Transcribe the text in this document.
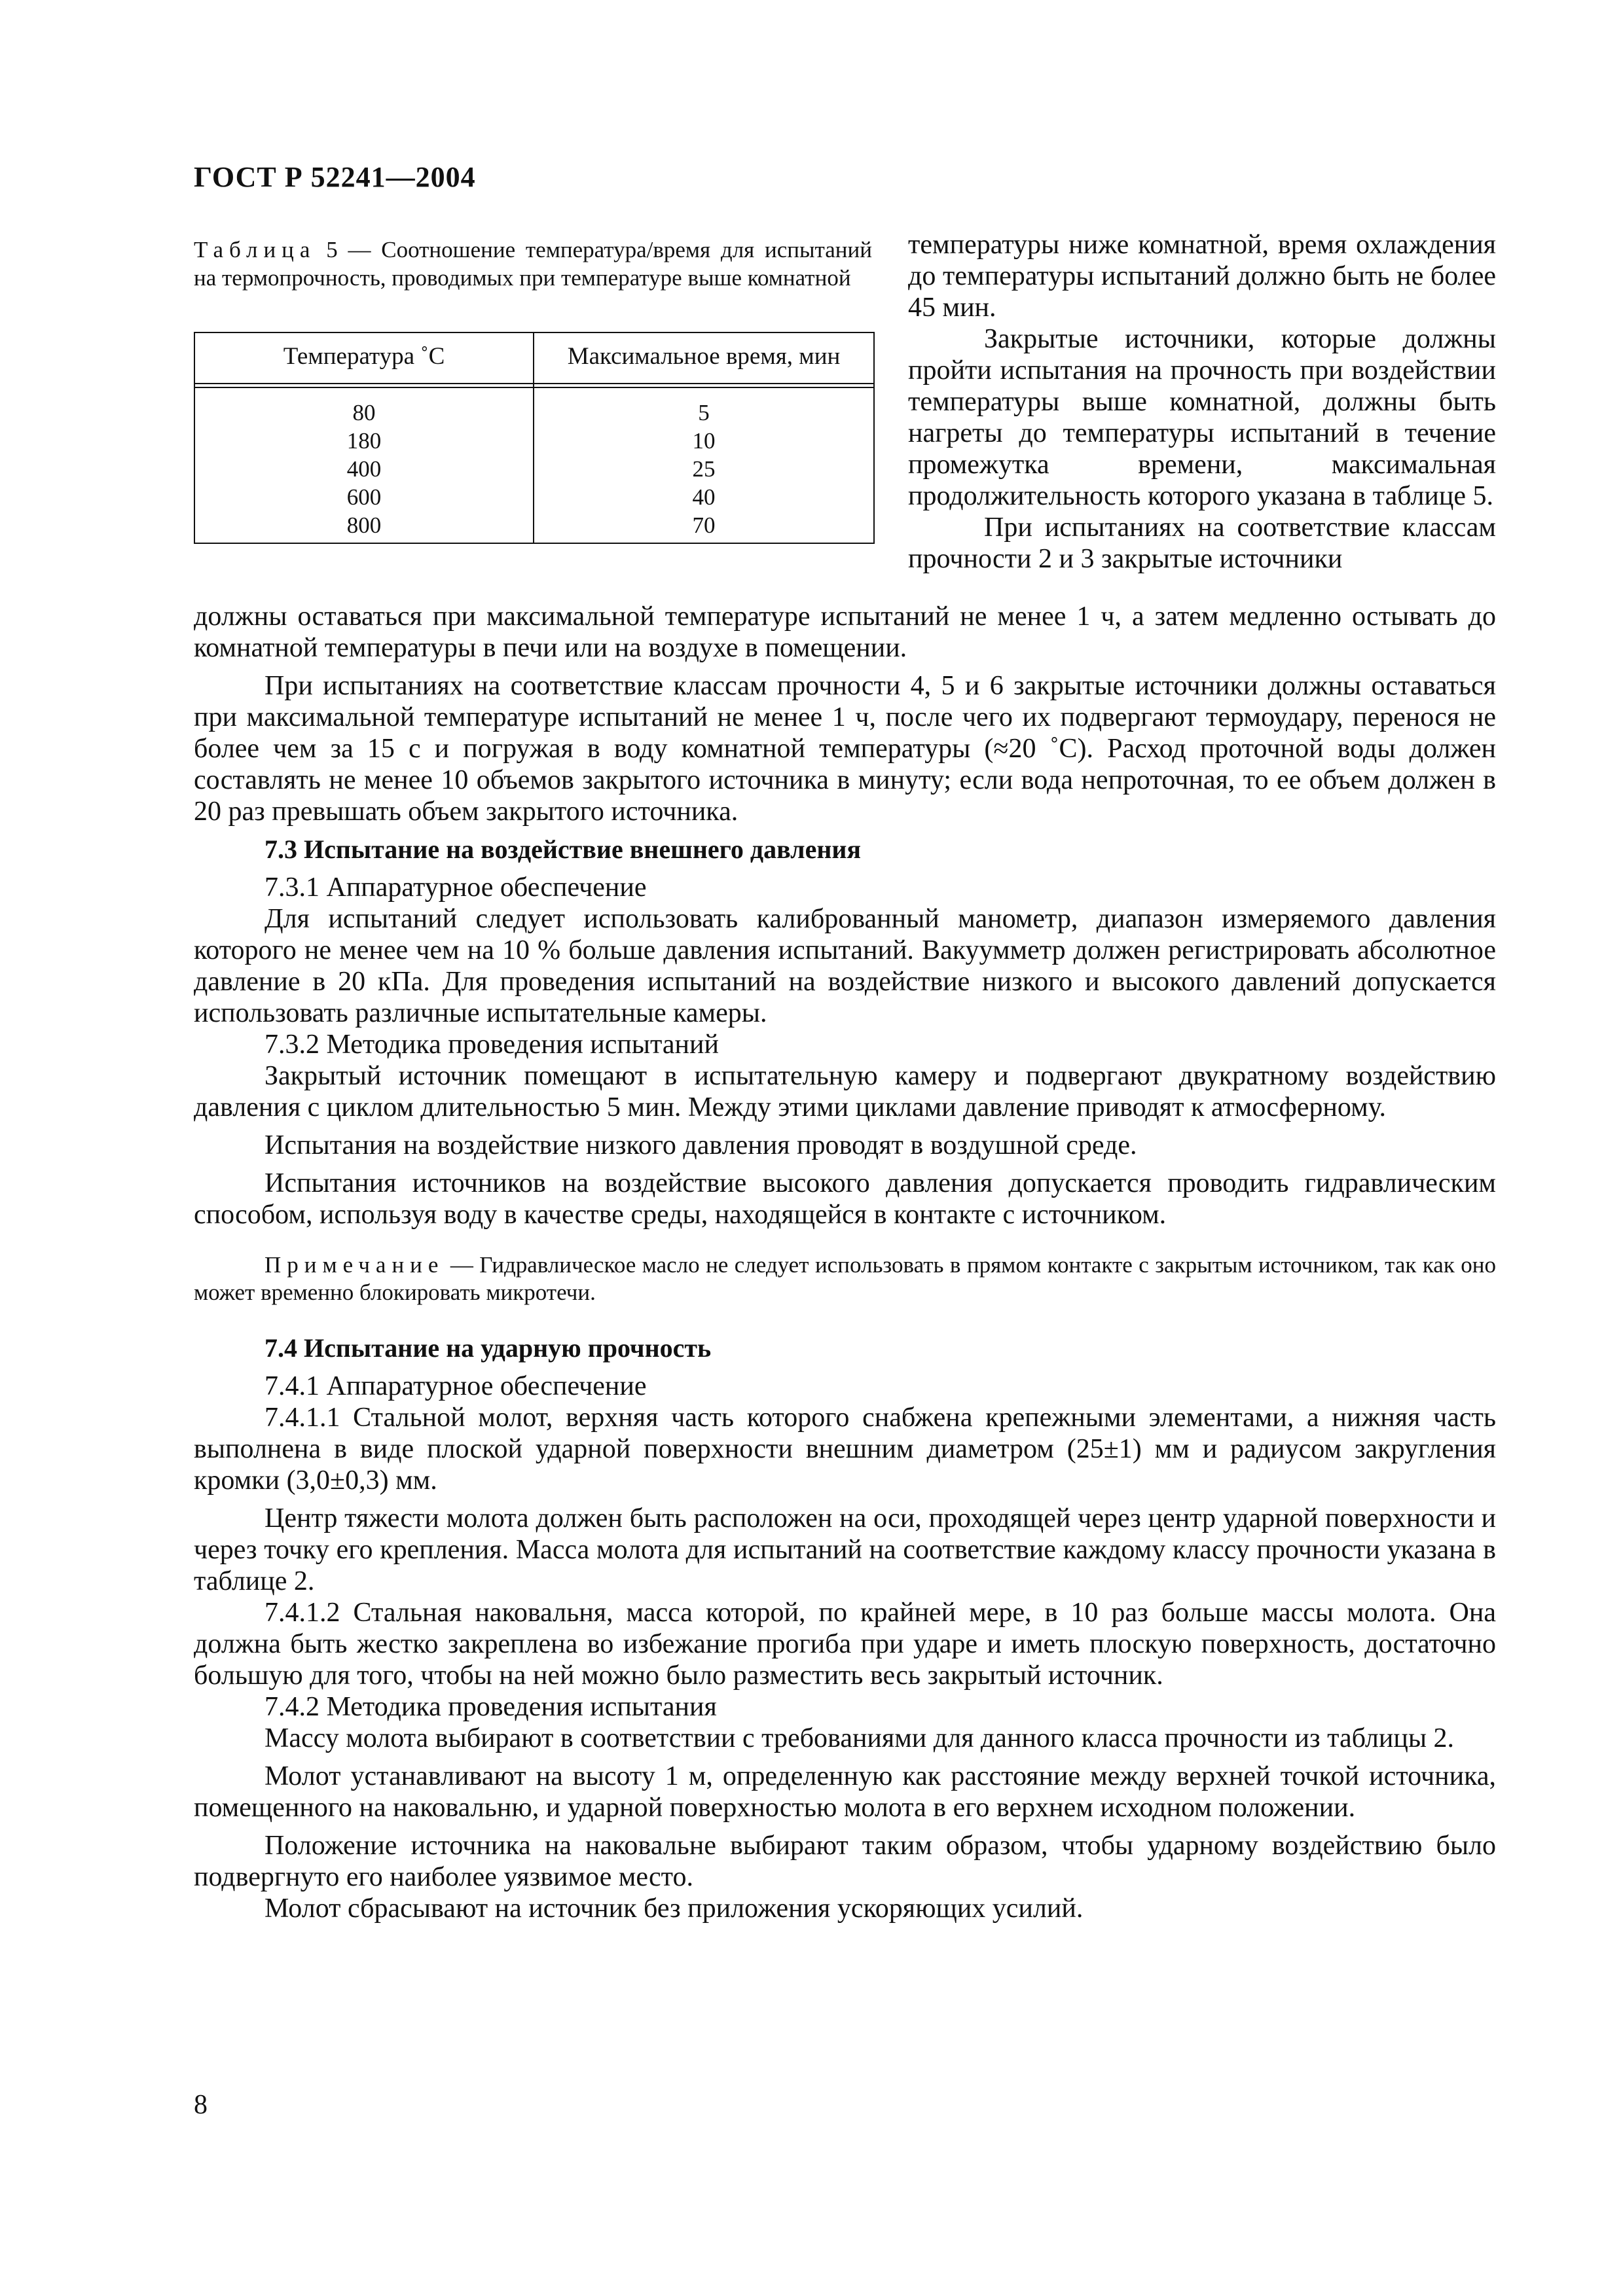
ГОСТ Р 52241—2004
Таблица 5 — Соотношение температура/время для испытаний на термопрочность, проводимых при температуре выше комнатной
Температура ˚С	Максимальное время, мин
80
180
400
600
800
5
10
25
40
70

температуры ниже комнатной, время охлаждения до температуры испытаний должно быть не более 45 мин.

Закрытые источники, которые должны пройти испытания на прочность при воздействии температуры выше комнатной, должны быть нагреты до температуры испытаний в течение промежутка времени, максимальная продолжительность которого указана в таблице 5.

При испытаниях на соответствие классам прочности 2 и 3 закрытые источники

должны оставаться при максимальной температуре испытаний не менее 1 ч, а затем медленно остывать до комнатной температуры в печи или на воздухе в помещении.

При испытаниях на соответствие классам прочности 4, 5 и 6 закрытые источники должны оставаться при максимальной температуре испытаний не менее 1 ч, после чего их подвергают термоудару, перенося не более чем за 15 с и погружая в воду комнатной температуры (≈20 ˚С). Расход проточной воды должен составлять не менее 10 объемов закрытого источника в минуту; если вода непроточная, то ее объем должен в 20 раз превышать объем закрытого источника.

7.3 Испытание на воздействие внешнего давления

7.3.1 Аппаратурное обеспечение

Для испытаний следует использовать калиброванный манометр, диапазон измеряемого давления которого не менее чем на 10 % больше давления испытаний. Вакуумметр должен регистрировать абсолютное давление в 20 кПа. Для проведения испытаний на воздействие низкого и высокого давлений допускается использовать различные испытательные камеры.

7.3.2 Методика проведения испытаний

Закрытый источник помещают в испытательную камеру и подвергают двукратному воздействию давления с циклом длительностью 5 мин. Между этими циклами давление приводят к атмосферному.

Испытания на воздействие низкого давления проводят в воздушной среде.

Испытания источников на воздействие высокого давления допускается проводить гидравлическим способом, используя воду в качестве среды, находящейся в контакте с источником.

Примечание — Гидравлическое масло не следует использовать в прямом контакте с закрытым источником, так как оно может временно блокировать микротечи.

7.4 Испытание на ударную прочность

7.4.1 Аппаратурное обеспечение

7.4.1.1 Стальной молот, верхняя часть которого снабжена крепежными элементами, а нижняя часть выполнена в виде плоской ударной поверхности внешним диаметром (25±1) мм и радиусом закругления кромки (3,0±0,3) мм.

Центр тяжести молота должен быть расположен на оси, проходящей через центр ударной поверхности и через точку его крепления. Масса молота для испытаний на соответствие каждому классу прочности указана в таблице 2.

7.4.1.2 Стальная наковальня, масса которой, по крайней мере, в 10 раз больше массы молота. Она должна быть жестко закреплена во избежание прогиба при ударе и иметь плоскую поверхность, достаточно большую для того, чтобы на ней можно было разместить весь закрытый источник.

7.4.2 Методика проведения испытания

Массу молота выбирают в соответствии с требованиями для данного класса прочности из таблицы 2.

Молот устанавливают на высоту 1 м, определенную как расстояние между верхней точкой источника, помещенного на наковальню, и ударной поверхностью молота в его верхнем исходном положении.

Положение источника на наковальне выбирают таким образом, чтобы ударному воздействию было подвергнуто его наиболее уязвимое место.

Молот сбрасывают на источник без приложения ускоряющих усилий.

8
